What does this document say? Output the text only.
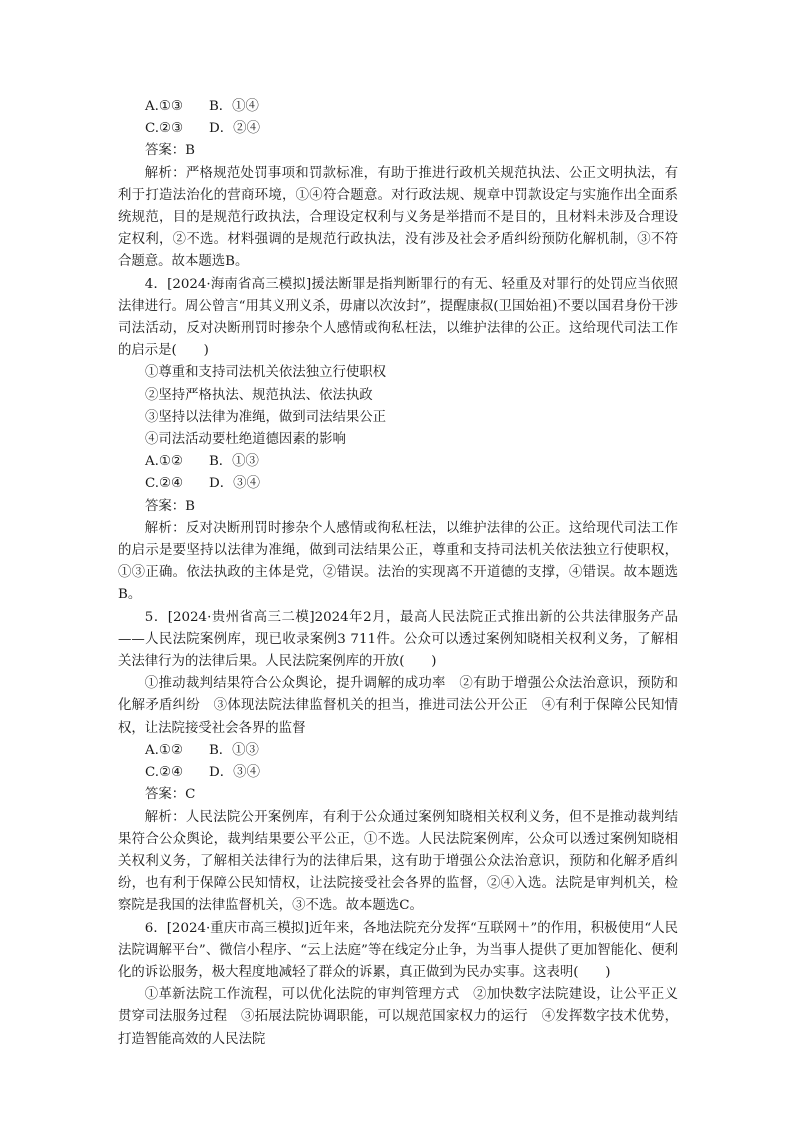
A.①③ B．①④
C.②③ D．②④
答案：B

解析：严格规范处罚事项和罚款标准，有助于推进行政机关规范执法、公正文明执法，有利于打造法治化的营商环境，①④符合题意。对行政法规、规章中罚款设定与实施作出全面系统规范，目的是规范行政执法，合理设定权利与义务是举措而不是目的，且材料未涉及合理设定权利，②不选。材料强调的是规范行政执法，没有涉及社会矛盾纠纷预防化解机制，③不符合题意。故本题选B。

4．[2024·海南省高三模拟]援法断罪是指判断罪行的有无、轻重及对罪行的处罚应当依照法律进行。周公曾言“用其义刑义杀，毋庸以次汝封”，提醒康叔(卫国始祖)不要以国君身份干涉司法活动，反对决断刑罚时掺杂个人感情或徇私枉法，以维护法律的公正。这给现代司法工作的启示是(　　)

①尊重和支持司法机关依法独立行使职权
②坚持严格执法、规范执法、依法执政
③坚持以法律为准绳，做到司法结果公正
④司法活动要杜绝道德因素的影响
A.①② B．①③
C.②④ D．③④
答案：B

解析：反对决断刑罚时掺杂个人感情或徇私枉法，以维护法律的公正。这给现代司法工作的启示是要坚持以法律为准绳，做到司法结果公正，尊重和支持司法机关依法独立行使职权，①③正确。依法执政的主体是党，②错误。法治的实现离不开道德的支撑，④错误。故本题选B。

5．[2024·贵州省高三二模]2024年2月，最高人民法院正式推出新的公共法律服务产品——人民法院案例库，现已收录案例3 711件。公众可以透过案例知晓相关权利义务，了解相关法律行为的法律后果。人民法院案例库的开放(　　)

①推动裁判结果符合公众舆论，提升调解的成功率　②有助于增强公众法治意识，预防和化解矛盾纠纷　③体现法院法律监督机关的担当，推进司法公开公正　④有利于保障公民知情权，让法院接受社会各界的监督

A.①② B．①③
C.②④ D．③④
答案：C

解析：人民法院公开案例库，有利于公众通过案例知晓相关权利义务，但不是推动裁判结果符合公众舆论，裁判结果要公平公正，①不选。人民法院案例库，公众可以透过案例知晓相关权利义务，了解相关法律行为的法律后果，这有助于增强公众法治意识，预防和化解矛盾纠纷，也有利于保障公民知情权，让法院接受社会各界的监督，②④入选。法院是审判机关，检察院是我国的法律监督机关，③不选。故本题选C。

6．[2024·重庆市高三模拟]近年来，各地法院充分发挥“互联网＋”的作用，积极使用“人民法院调解平台”、微信小程序、“云上法庭”等在线定分止争，为当事人提供了更加智能化、便利化的诉讼服务，极大程度地减轻了群众的诉累，真正做到为民办实事。这表明(　　)

①革新法院工作流程，可以优化法院的审判管理方式　②加快数字法院建设，让公平正义贯穿司法服务过程　③拓展法院协调职能，可以规范国家权力的运行　④发挥数字技术优势，打造智能高效的人民法院
